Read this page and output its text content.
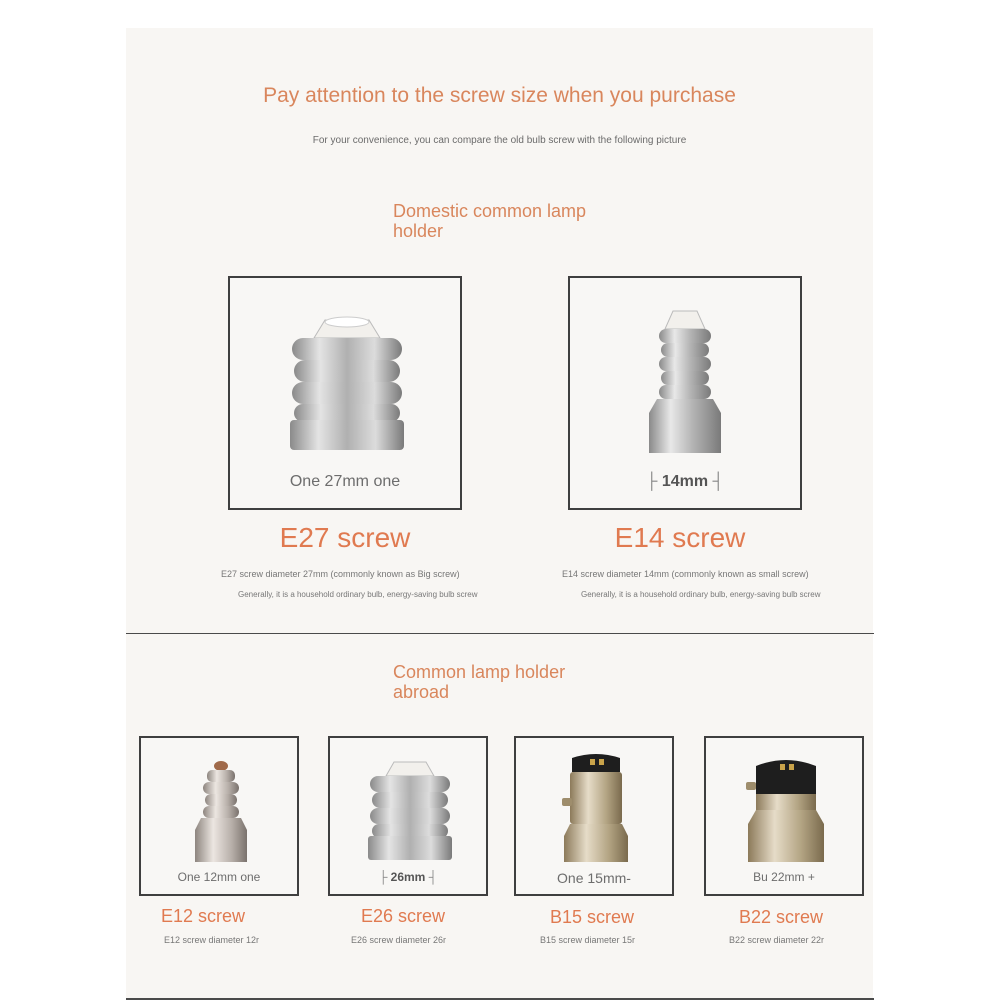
Pay attention to the screw size when you purchase
For your convenience, you can compare the old bulb screw with the following picture
Domestic common lamp
holder
One 27mm one
E27 screw
E27 screw diameter 27mm (commonly known as Big screw)
Generally, it is a household ordinary bulb, energy-saving bulb screw
├ 14mm ┤
E14 screw
E14 screw diameter 14mm (commonly known as small screw)
Generally, it is a household ordinary bulb, energy-saving bulb screw
Common lamp holder
abroad
One 12mm one
E12 screw
E12 screw diameter 12r
├ 26mm ┤
E26 screw
E26 screw diameter 26r
One 15mm-
B15 screw
B15 screw diameter 15r
Bu 22mm +
B22 screw
B22 screw diameter 22r
